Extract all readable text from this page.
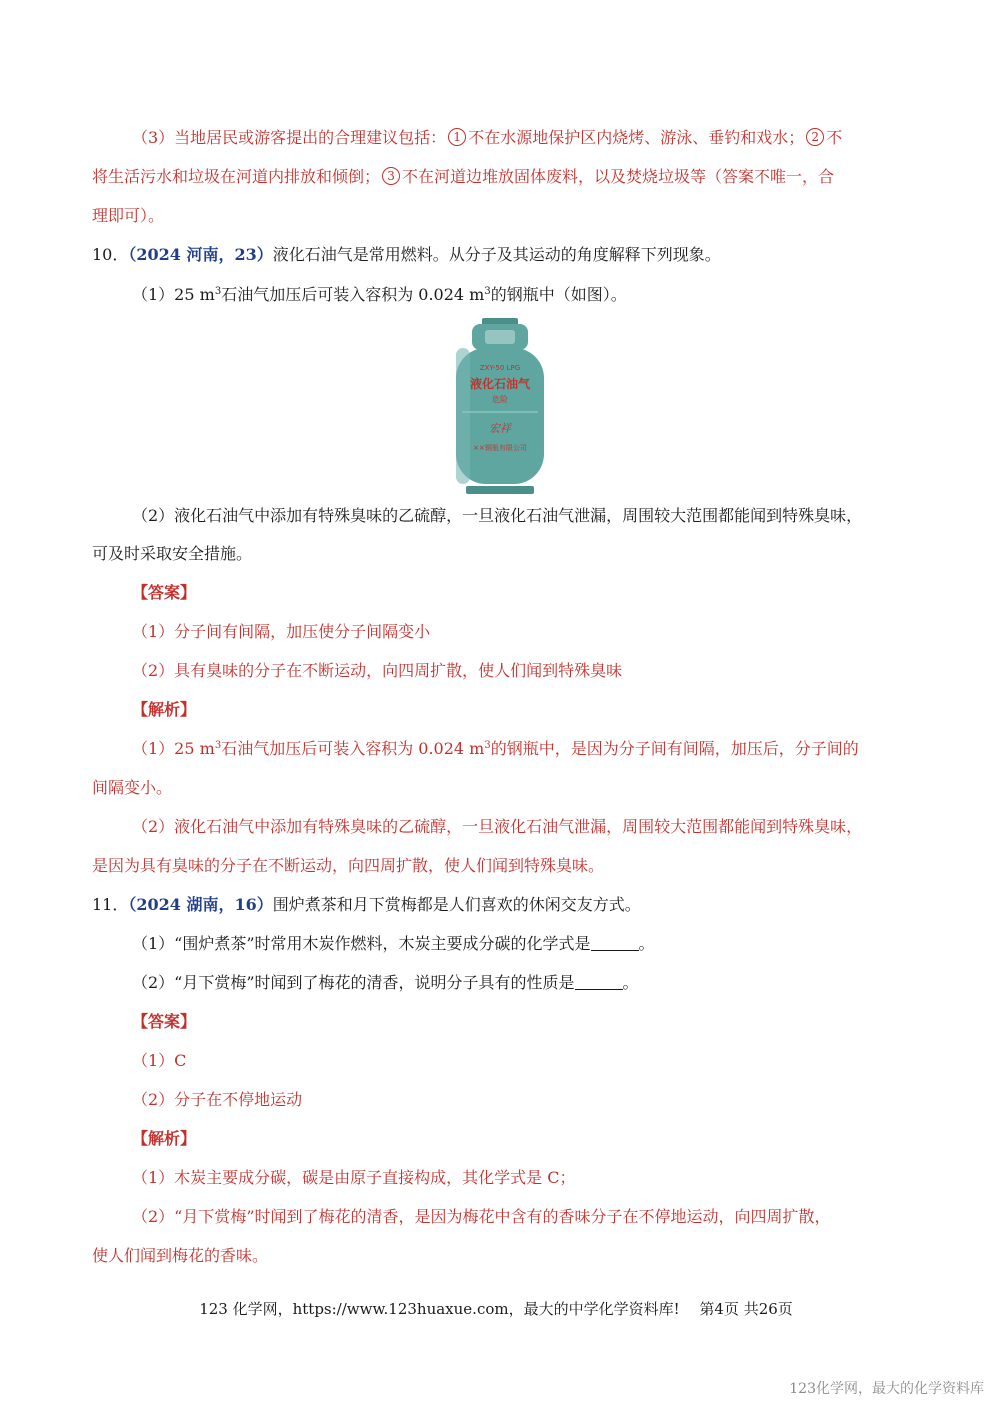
（3）当地居民或游客提出的合理建议包括： 1 不在水源地保护区内烧烤、游泳、垂钓和戏水； 2 不
将生活污水和垃圾在河道内排放和倾倒； 3 不在河道边堆放固体废料，以及焚烧垃圾等（答案不唯一，合
理即可）。
10．（2024 河南，23）液化石油气是常用燃料。从分子及其运动的角度解释下列现象。
（1）25 $m^3$石油气加压后可装入容积为 0.024 $m^3$的钢瓶中（如图）。
ZXY-50 LPG
液化石油气
危险
宏祥
××钢瓶有限公司
（2）液化石油气中添加有特殊臭味的乙硫醇，一旦液化石油气泄漏，周围较大范围都能闻到特殊臭味，
可及时采取安全措施。
【答案】
（1）分子间有间隔，加压使分子间隔变小
（2）具有臭味的分子在不断运动，向四周扩散，使人们闻到特殊臭味
【解析】
（1）25 $m^3$石油气加压后可装入容积为 0.024 $m^3$的钢瓶中，是因为分子间有间隔，加压后，分子间的
间隔变小。
（2）液化石油气中添加有特殊臭味的乙硫醇，一旦液化石油气泄漏，周围较大范围都能闻到特殊臭味，
是因为具有臭味的分子在不断运动，向四周扩散，使人们闻到特殊臭味。
11．（2024 湖南，16）围炉煮茶和月下赏梅都是人们喜欢的休闲交友方式。
（1）“围炉煮茶”时常用木炭作燃料，木炭主要成分碳的化学式是	。
（2）“月下赏梅”时闻到了梅花的清香，说明分子具有的性质是	。
【答案】
（1）C
（2）分子在不停地运动
【解析】
（1）木炭主要成分碳，碳是由原子直接构成，其化学式是 C；
（2）“月下赏梅”时闻到了梅花的清香，是因为梅花中含有的香味分子在不停地运动，向四周扩散，
使人们闻到梅花的香味。
123 化学网，https://www.123huaxue.com，最大的中学化学资料库!　 第4页 共26页
123化学网，最大的化学资料库
